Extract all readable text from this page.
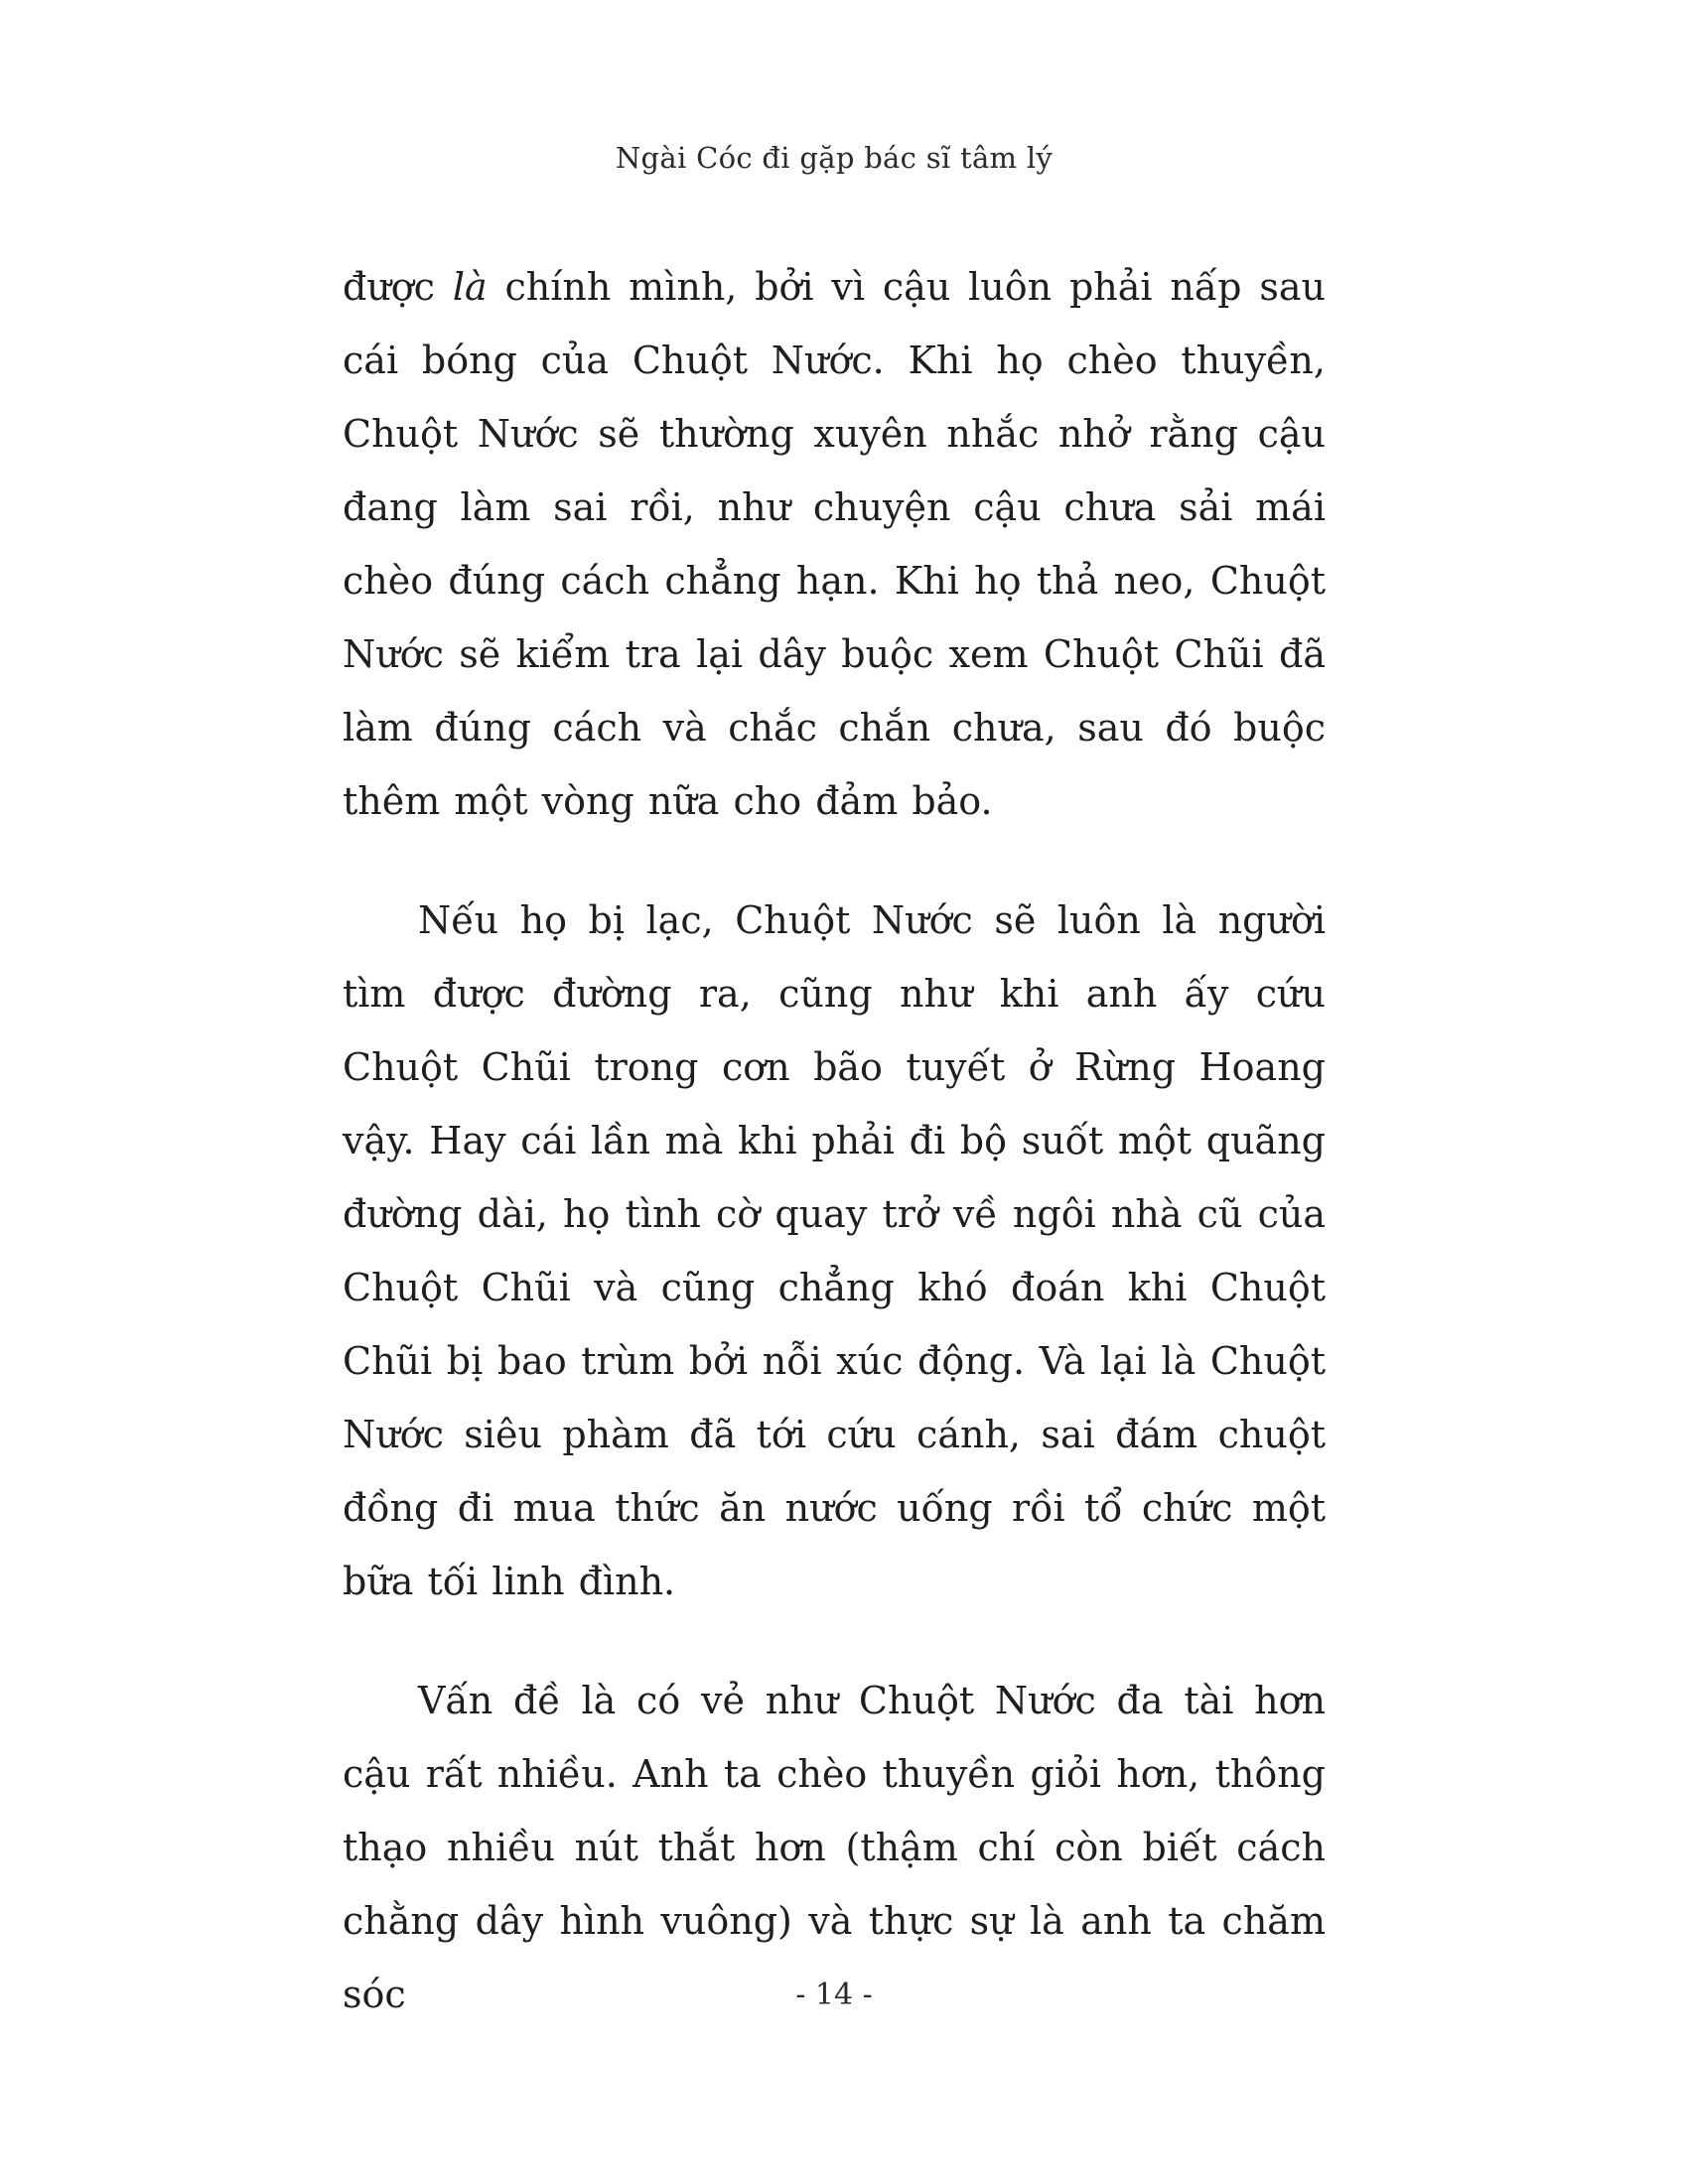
Ngài Cóc đi gặp bác sĩ tâm lý

được là chính mình, bởi vì cậu luôn phải nấp sau cái bóng của Chuột Nước. Khi họ chèo thuyền, Chuột Nước sẽ thường xuyên nhắc nhở rằng cậu đang làm sai rồi, như chuyện cậu chưa sải mái chèo đúng cách chẳng hạn. Khi họ thả neo, Chuột Nước sẽ kiểm tra lại dây buộc xem Chuột Chũi đã làm đúng cách và chắc chắn chưa, sau đó buộc thêm một vòng nữa cho đảm bảo.

Nếu họ bị lạc, Chuột Nước sẽ luôn là người tìm được đường ra, cũng như khi anh ấy cứu Chuột Chũi trong cơn bão tuyết ở Rừng Hoang vậy. Hay cái lần mà khi phải đi bộ suốt một quãng đường dài, họ tình cờ quay trở về ngôi nhà cũ của Chuột Chũi và cũng chẳng khó đoán khi Chuột Chũi bị bao trùm bởi nỗi xúc động. Và lại là Chuột Nước siêu phàm đã tới cứu cánh, sai đám chuột đồng đi mua thức ăn nước uống rồi tổ chức một bữa tối linh đình.

Vấn đề là có vẻ như Chuột Nước đa tài hơn cậu rất nhiều. Anh ta chèo thuyền giỏi hơn, thông thạo nhiều nút thắt hơn (thậm chí còn biết cách chằng dây hình vuông) và thực sự là anh ta chăm sóc	- 14 -
